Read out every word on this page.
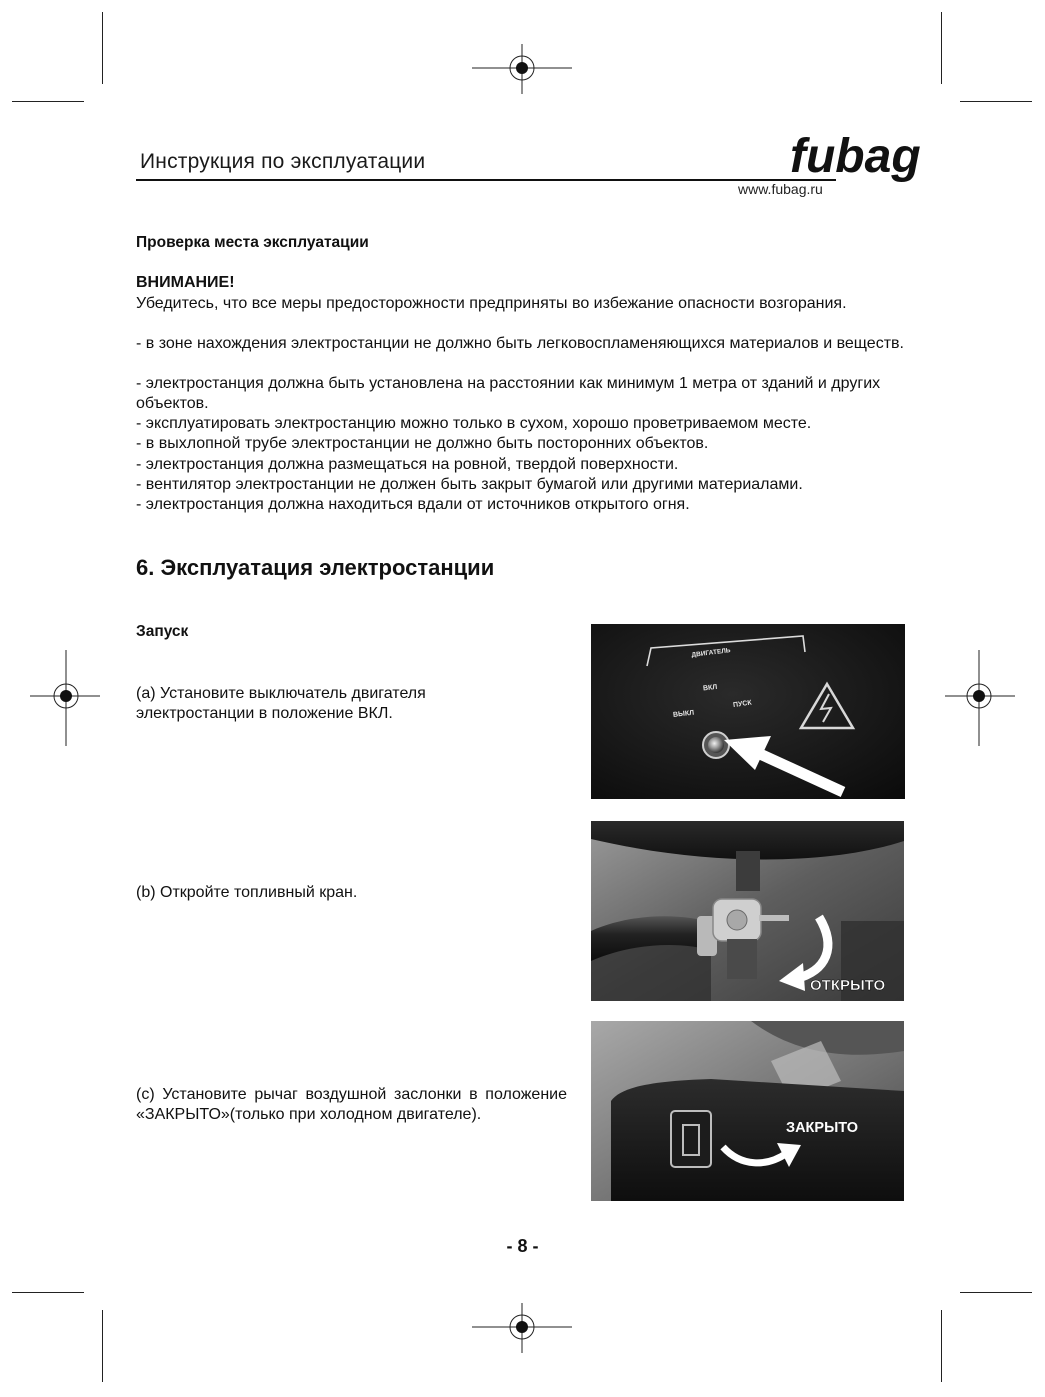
Инструкция по эксплуатации	fubag
www.fubag.ru
Проверка места эксплуатации
ВНИМАНИЕ!
Убедитесь, что все меры предосторожности предприняты во избежание опасности возгорания.
- в зоне нахождения электростанции не должно быть легковоспламеняющихся материалов и веществ.
- электростанция должна быть установлена на расстоянии как минимум 1 метра от зданий и других объектов.
- эксплуатировать электростанцию можно только в сухом, хорошо проветриваемом месте.
- в выхлопной трубе электростанции не должно быть посторонних объектов.
- электростанция должна размещаться на ровной, твердой поверхности.
- вентилятор электростанции не должен быть закрыт бумагой или другими материалами.
- электростанция должна находиться вдали от источников открытого огня.
6. Эксплуатация электростанции
Запуск
(a) Установите выключатель двигателя электростанции в положение ВКЛ.
(b) Откройте топливный кран.
(c) Установите рычаг воздушной заслонки в положение «ЗАКРЫТО»(только при холодном двигателе).
ДВИГАТЕЛЬ
ВКЛ
ВЫКЛ
ПУСК
ОТКРЫТО
ЗАКРЫТО
- 8 -
